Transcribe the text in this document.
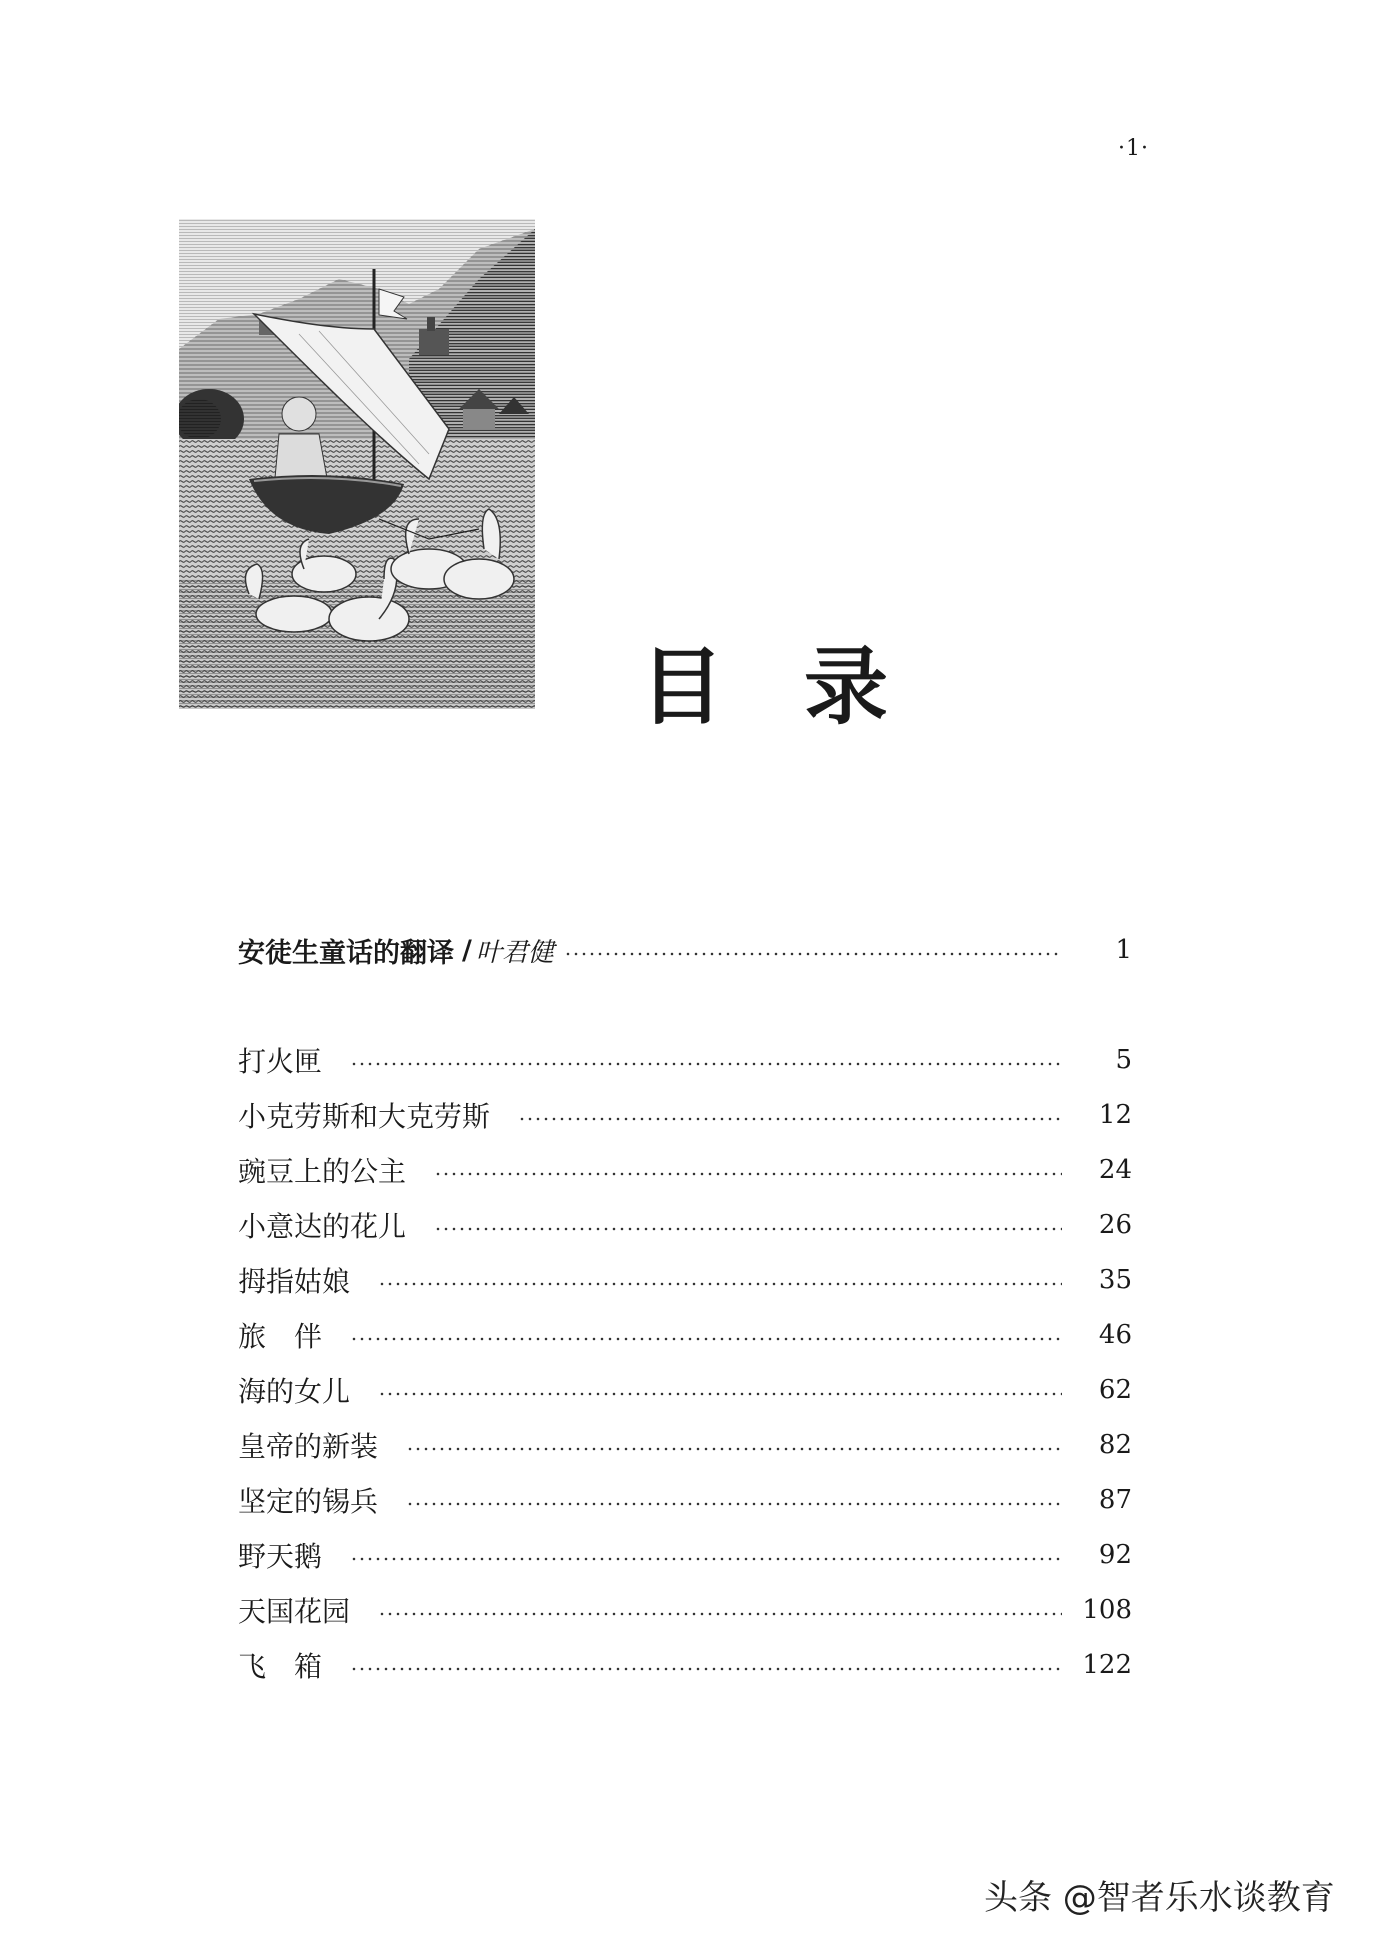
·1·
目 录
安徒生童话的翻译 / 叶君健	1
打火匣	5
小克劳斯和大克劳斯	12
豌豆上的公主	24
小意达的花儿	26
拇指姑娘	35
旅　伴	46
海的女儿	62
皇帝的新装	82
坚定的锡兵	87
野天鹅	92
天国花园	108
飞　箱	122
头条 @智者乐水谈教育
